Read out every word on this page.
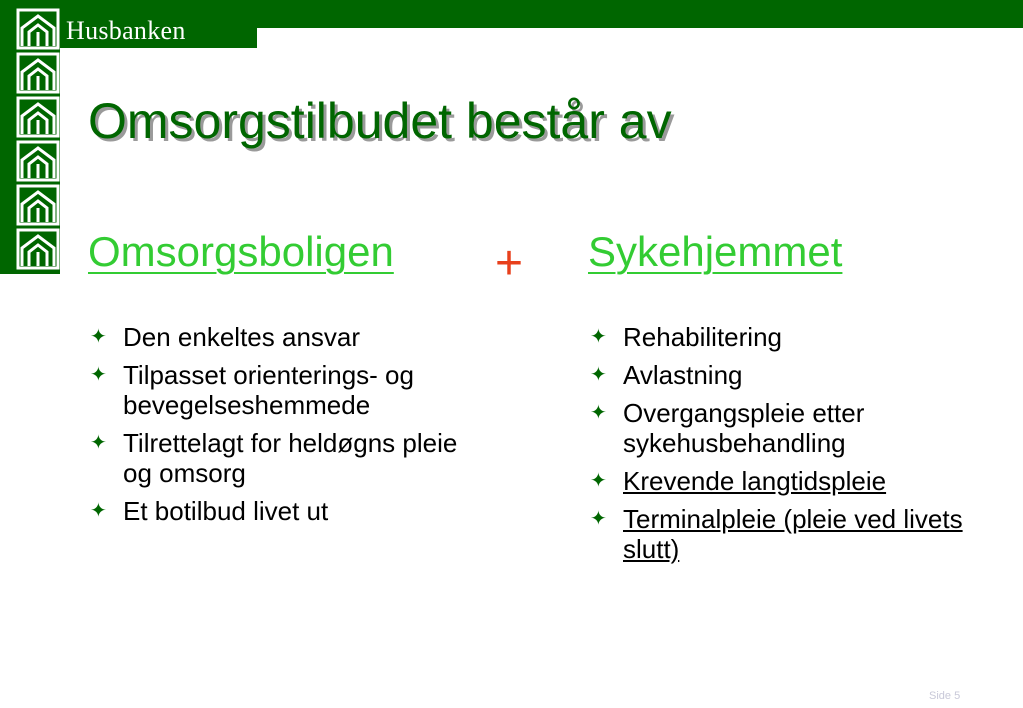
Husbanken
Omsorgstilbudet består av
Omsorgsboligen + Sykehjemmet
✦ Den enkeltes ansvar
✦ Tilpasset orienterings- og bevegelseshemmede
✦ Tilrettelagt for heldøgns pleie og omsorg
✦ Et botilbud livet ut
✦ Rehabilitering
✦ Avlastning
✦ Overgangspleie etter sykehusbehandling
✦ Krevende langtidspleie
✦ Terminalpleie (pleie ved livets slutt)
Side 5
